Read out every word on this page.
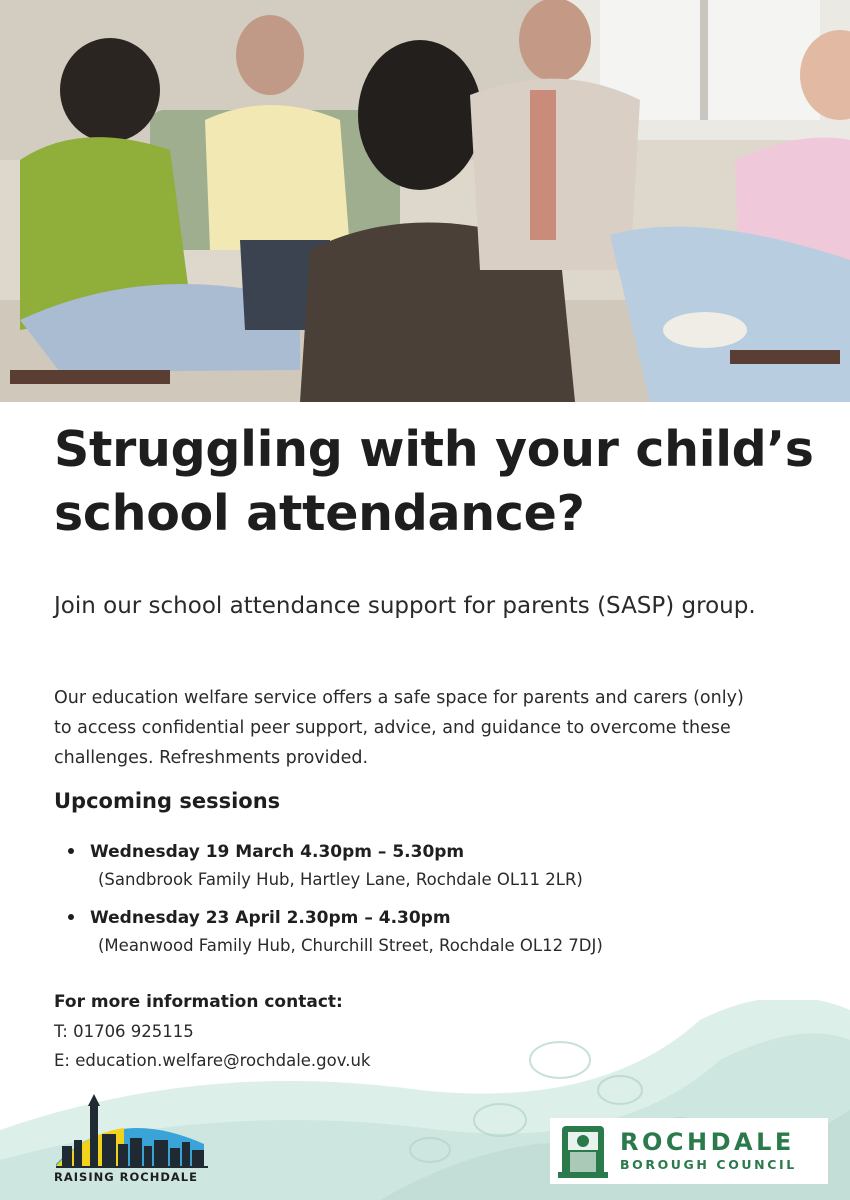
Struggling with your child’s school attendance?

Join our school attendance support for parents (SASP) group.

Our education welfare service offers a safe space for parents and carers (only) to access confidential peer support, advice, and guidance to overcome these challenges. Refreshments provided.

Upcoming sessions
Wednesday 19 March 4.30pm – 5.30pm
(Sandbrook Family Hub, Hartley Lane, Rochdale OL11 2LR)
Wednesday 23 April 2.30pm – 4.30pm
(Meanwood Family Hub, Churchill Street, Rochdale OL12 7DJ)
For more information contact:
T: 01706 925115
E: education.welfare@rochdale.gov.uk
RAISING ROCHDALE
ROCHDALE
BOROUGH COUNCIL
